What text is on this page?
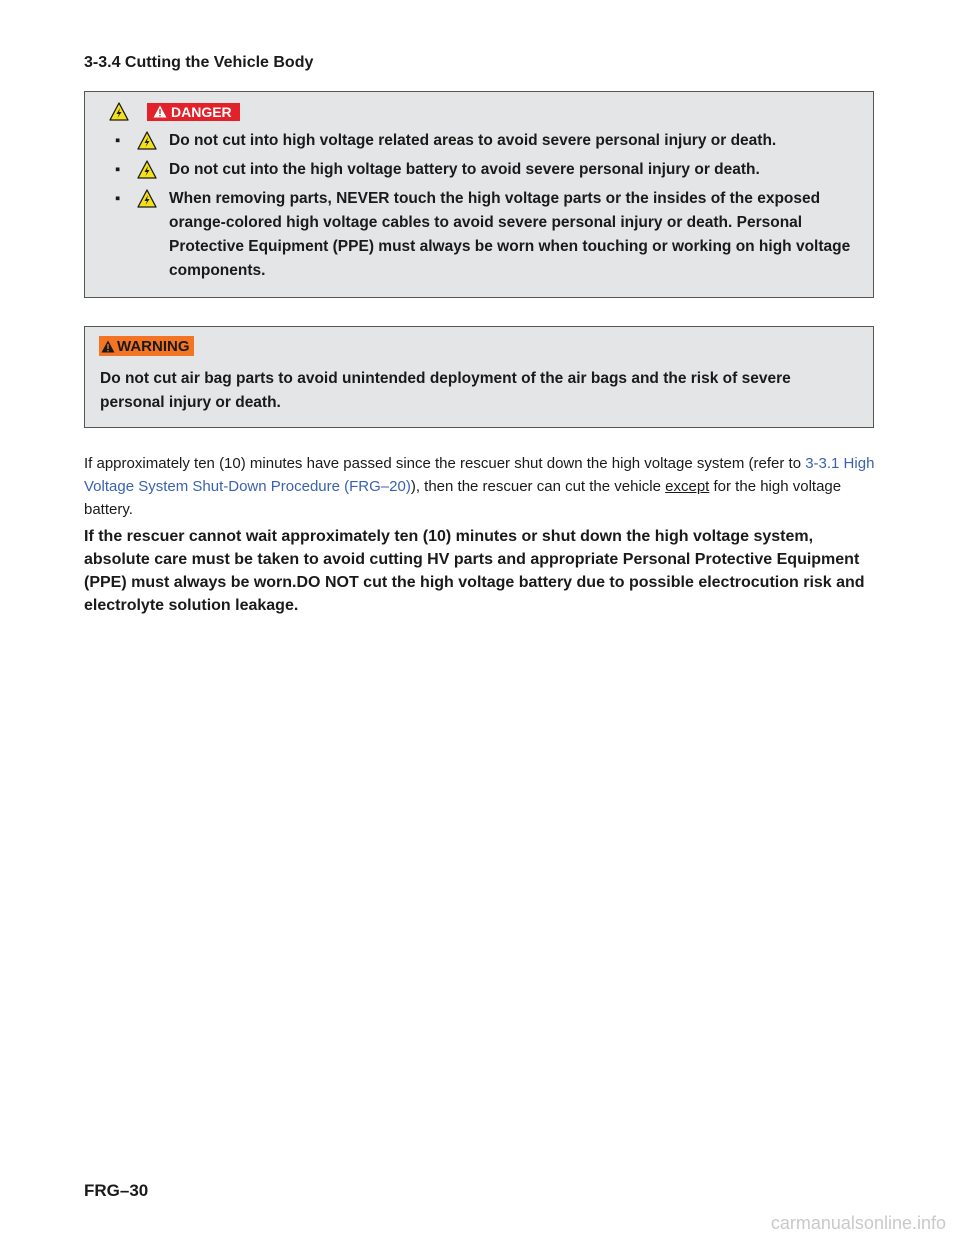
3-3.4 Cutting the Vehicle Body
DANGER
▪	Do not cut into high voltage related areas to avoid severe personal injury or death.
▪	Do not cut into the high voltage battery to avoid severe personal injury or death.
▪	When removing parts, NEVER touch the high voltage parts or the insides of the exposed orange-colored high voltage cables to avoid severe personal injury or death. Personal Protective Equipment (PPE) must always be worn when touching or working on high voltage components.
WARNING
Do not cut air bag parts to avoid unintended deployment of the air bags and the risk of severe personal injury or death.

If approximately ten (10) minutes have passed since the rescuer shut down the high voltage system (refer to 3-3.1 High Voltage System Shut-Down Procedure (FRG–20)), then the rescuer can cut the vehicle except for the high voltage battery.

If the rescuer cannot wait approximately ten (10) minutes or shut down the high voltage system, absolute care must be taken to avoid cutting HV parts and appropriate Personal Protective Equipment (PPE) must always be worn.DO NOT cut the high voltage battery due to possible electrocution risk and electrolyte solution leakage.

FRG–30
carmanualsonline.info
